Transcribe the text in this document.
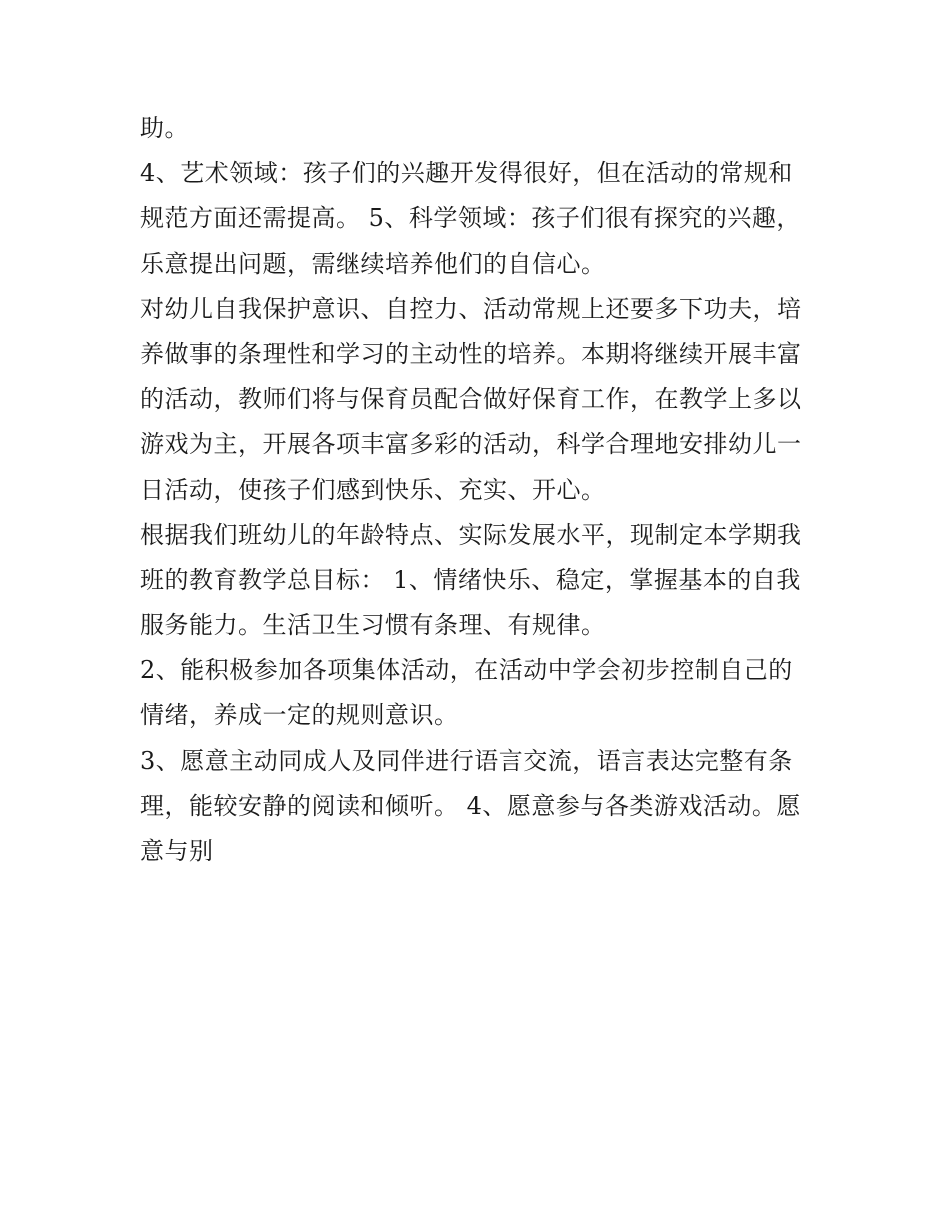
助。
4、艺术领域：孩子们的兴趣开发得很好，但在活动的常规和
规范方面还需提高。 5、科学领域：孩子们很有探究的兴趣，
乐意提出问题，需继续培养他们的自信心。
对幼儿自我保护意识、自控力、活动常规上还要多下功夫，培
养做事的条理性和学习的主动性的培养。本期将继续开展丰富
的活动，教师们将与保育员配合做好保育工作，在教学上多以
游戏为主，开展各项丰富多彩的活动，科学合理地安排幼儿一
日活动，使孩子们感到快乐、充实、开心。
根据我们班幼儿的年龄特点、实际发展水平，现制定本学期我
班的教育教学总目标： 1、情绪快乐、稳定，掌握基本的自我
服务能力。生活卫生习惯有条理、有规律。
2、能积极参加各项集体活动，在活动中学会初步控制自己的
情绪，养成一定的规则意识。
3、愿意主动同成人及同伴进行语言交流，语言表达完整有条
理，能较安静的阅读和倾听。 4、愿意参与各类游戏活动。愿
意与别
